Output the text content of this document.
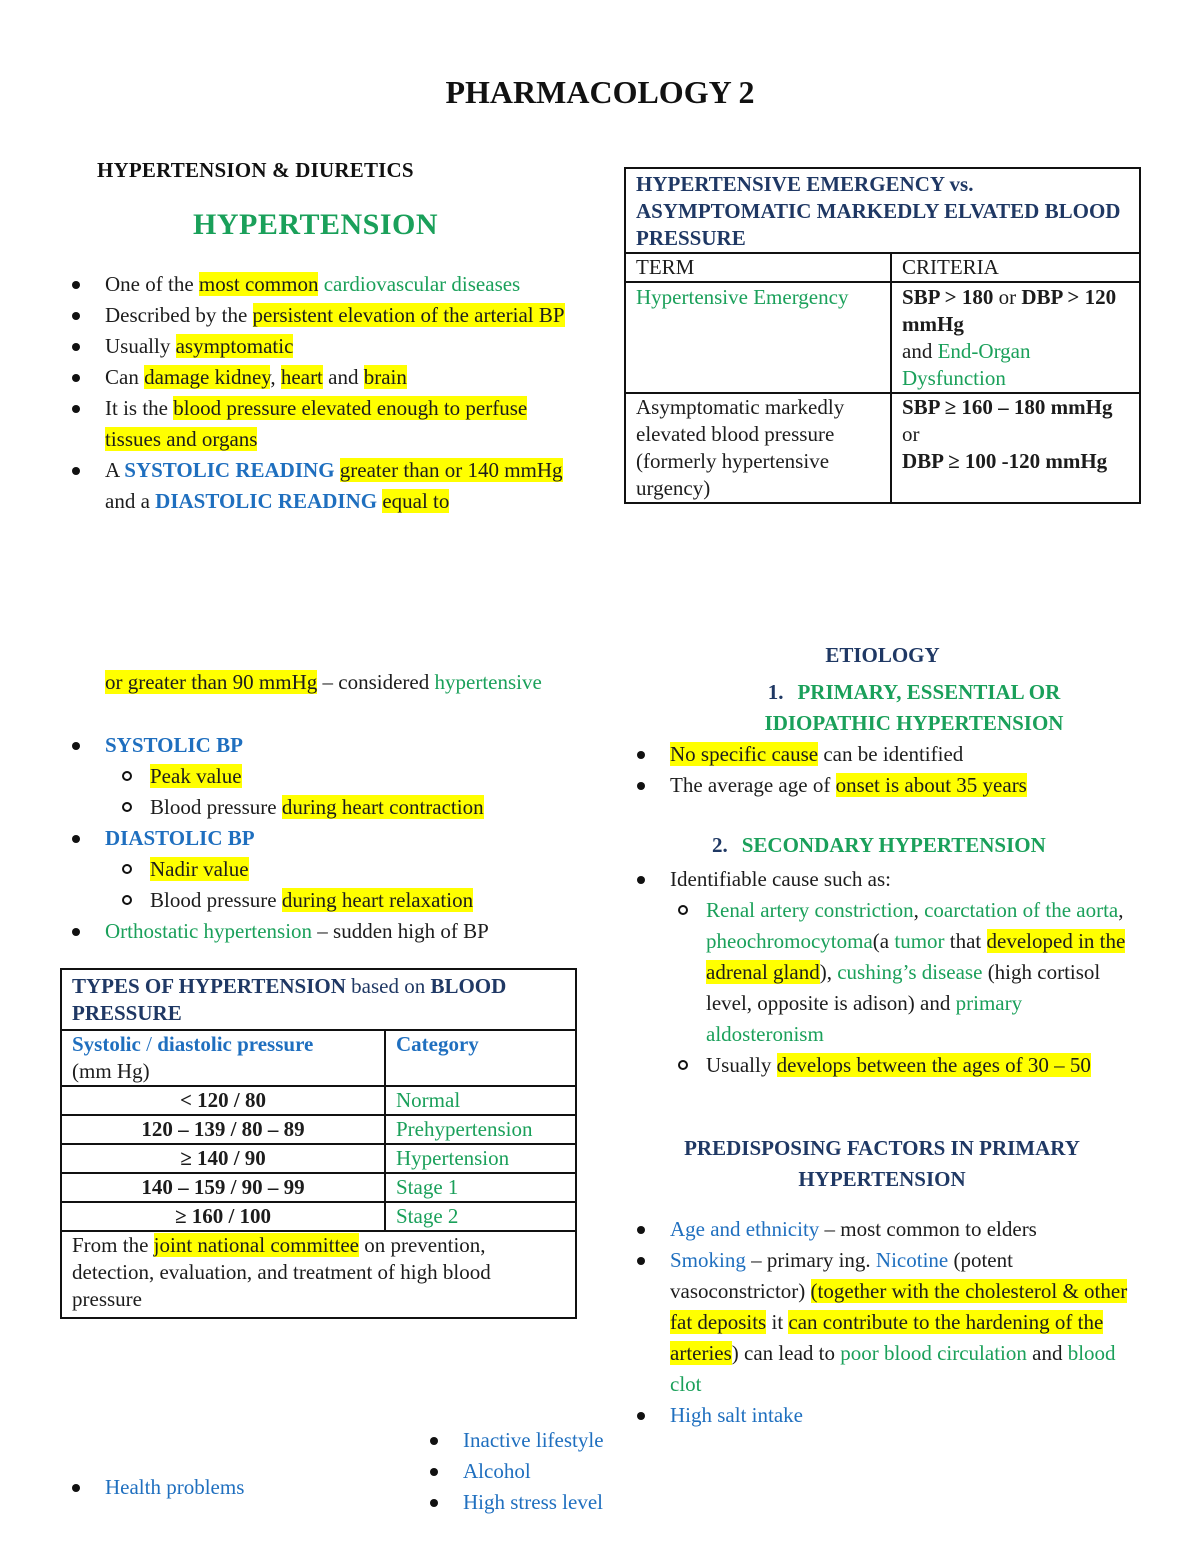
PHARMACOLOGY 2
HYPERTENSION & DIURETICS
HYPERTENSION
One of the most common cardiovascular diseases
Described by the persistent elevation of the arterial BP
Usually asymptomatic
Can damage kidney, heart and brain
It is the blood pressure elevated enough to perfuse tissues and organs
A SYSTOLIC READING greater than or 140 mmHg and a DIASTOLIC READING equal to
or greater than 90 mmHg – considered hypertensive
SYSTOLIC BP
Peak value
Blood pressure during heart contraction
DIASTOLIC BP
Nadir value
Blood pressure during heart relaxation
Orthostatic hypertension – sudden high of BP
TYPES OF HYPERTENSION based on BLOOD PRESSURE	
Systolic / diastolic pressure
(mm Hg)	Category
< 120 / 80	Normal
120 – 139 / 80 – 89	Prehypertension
≥ 140 / 90	Hypertension
140 – 159 / 90 – 99	Stage 1
≥ 160 / 100	Stage 2
From the joint national committee on prevention, detection, evaluation, and treatment of high blood pressure	
HYPERTENSIVE EMERGENCY vs. ASYMPTOMATIC MARKEDLY ELVATED BLOOD PRESSURE	
TERM	CRITERIA
Hypertensive Emergency	SBP > 180 or DBP > 120 mmHg
and End-Organ Dysfunction
Asymptomatic markedly elevated blood pressure (formerly hypertensive urgency)	SBP ≥ 160 – 180 mmHg or
DBP ≥ 100 -120 mmHg
ETIOLOGY
1. PRIMARY, ESSENTIAL OR IDIOPATHIC HYPERTENSION
No specific cause can be identified
The average age of onset is about 35 years
2. SECONDARY HYPERTENSION
Identifiable cause such as:
Renal artery constriction, coarctation of the aorta, pheochromocytoma(a tumor that developed in the adrenal gland), cushing’s disease (high cortisol level, opposite is adison) and primary aldosteronism
Usually develops between the ages of 30 – 50
PREDISPOSING FACTORS IN PRIMARY HYPERTENSION
Age and ethnicity – most common to elders
Smoking – primary ing. Nicotine (potent vasoconstrictor) (together with the cholesterol & other fat deposits it can contribute to the hardening of the arteries) can lead to poor blood circulation and blood clot
High salt intake
Inactive lifestyle
Alcohol
High stress level
Health problems
